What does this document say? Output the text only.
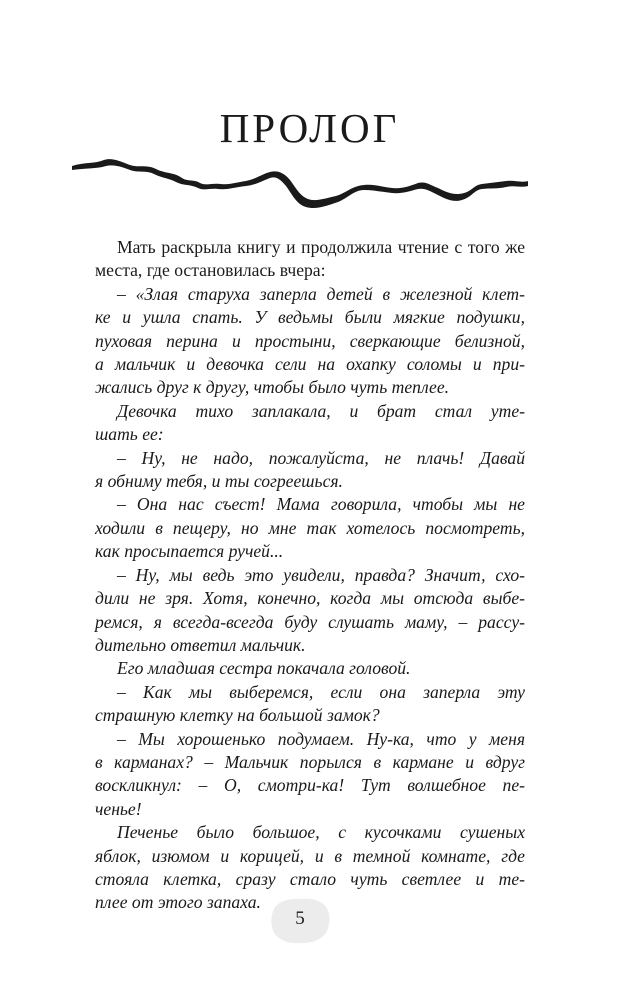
ПРОЛОГ
Мать раскрыла книгу и продолжила чтение с того же
места, где остановилась вчера:
– «Злая старуха заперла детей в железной клет-
ке и ушла спать. У ведьмы были мягкие подушки,
пуховая перина и простыни, сверкающие белизной,
а мальчик и девочка сели на охапку соломы и при-
жались друг к другу, чтобы было чуть теплее.
Девочка тихо заплакала, и брат стал уте-
шать ее:
– Ну, не надо, пожалуйста, не плачь! Давай
я обниму тебя, и ты согреешься.
– Она нас съест! Мама говорила, чтобы мы не
ходили в пещеру, но мне так хотелось посмотреть,
как просыпается ручей...
– Ну, мы ведь это увидели, правда? Значит, схо-
дили не зря. Хотя, конечно, когда мы отсюда выбе-
ремся, я всегда-всегда буду слушать маму, – рассу-
дительно ответил мальчик.
Его младшая сестра покачала головой.
– Как мы выберемся, если она заперла эту
страшную клетку на большой замок?
– Мы хорошенько подумаем. Ну-ка, что у меня
в карманах? – Мальчик порылся в кармане и вдруг
воскликнул: – О, смотри-ка! Тут волшебное пе-
ченье!
Печенье было большое, с кусочками сушеных
яблок, изюмом и корицей, и в темной комнате, где
стояла клетка, сразу стало чуть светлее и те-
плее от этого запаха.
5
